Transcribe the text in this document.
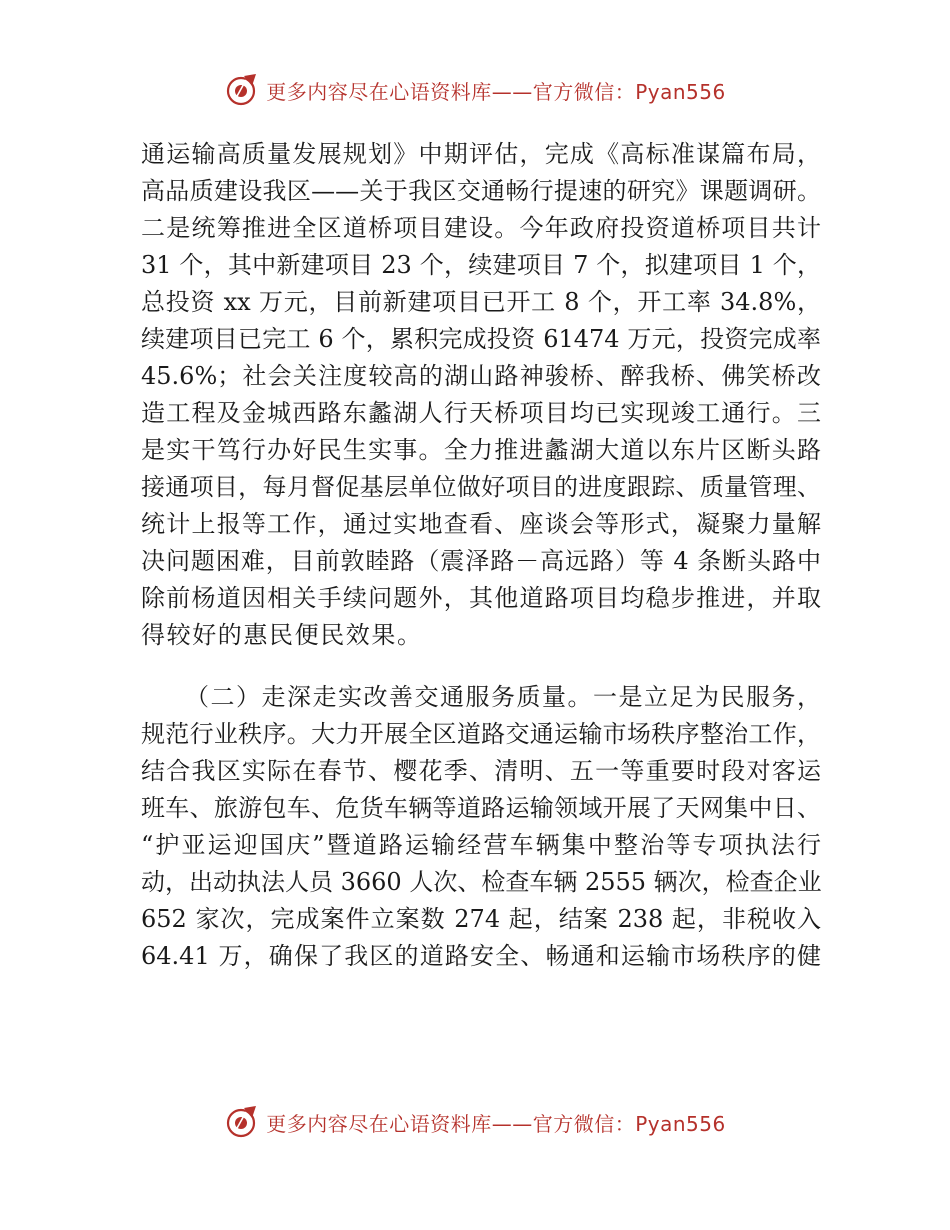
更多内容尽在心语资料库——官方微信：Pyan556
通运输高质量发展规划》中期评估，完成《高标准谋篇布局，
高品质建设我区——关于我区交通畅行提速的研究》课题调研。
二是统筹推进全区道桥项目建设。今年政府投资道桥项目共计
31 个，其中新建项目 23 个，续建项目 7 个，拟建项目 1 个，
总投资 xx 万元，目前新建项目已开工 8 个，开工率 34.8%，
续建项目已完工 6 个，累积完成投资 61474 万元，投资完成率
45.6%；社会关注度较高的湖山路神骏桥、醉我桥、佛笑桥改
造工程及金城西路东蠡湖人行天桥项目均已实现竣工通行。三
是实干笃行办好民生实事。全力推进蠡湖大道以东片区断头路
接通项目，每月督促基层单位做好项目的进度跟踪、质量管理、
统计上报等工作，通过实地查看、座谈会等形式，凝聚力量解
决问题困难，目前敦睦路（震泽路－高远路）等 4 条断头路中
除前杨道因相关手续问题外，其他道路项目均稳步推进，并取
得较好的惠民便民效果。
（二）走深走实改善交通服务质量。一是立足为民服务，
规范行业秩序。大力开展全区道路交通运输市场秩序整治工作，
结合我区实际在春节、樱花季、清明、五一等重要时段对客运
班车、旅游包车、危货车辆等道路运输领域开展了天网集中日、
“护亚运迎国庆”暨道路运输经营车辆集中整治等专项执法行
动，出动执法人员 3660 人次、检查车辆 2555 辆次，检查企业
652 家次，完成案件立案数 274 起，结案 238 起，非税收入
64.41 万，确保了我区的道路安全、畅通和运输市场秩序的健
更多内容尽在心语资料库——官方微信：Pyan556
